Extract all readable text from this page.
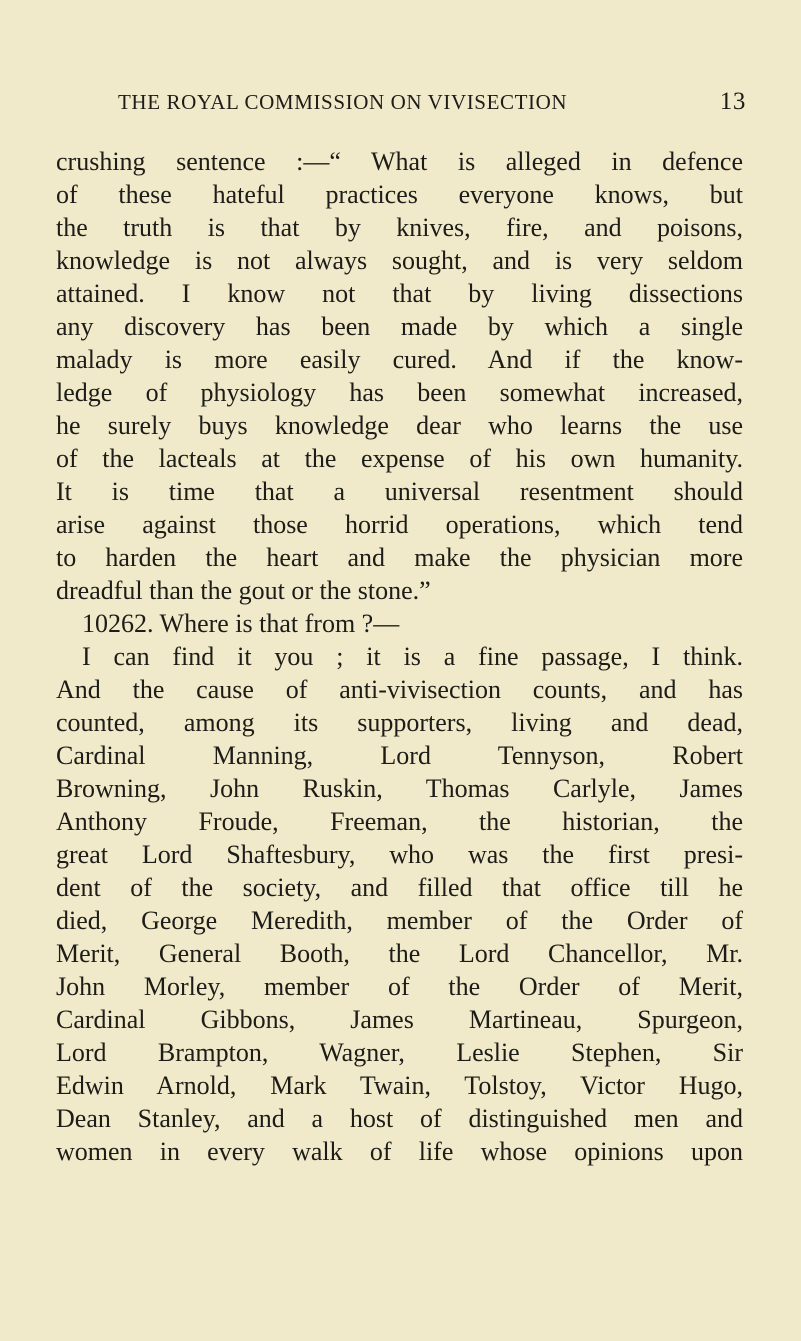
THE ROYAL COMMISSION ON VIVISECTION	13
crushing sentence :—“ What is alleged in defence
of these hateful practices everyone knows, but
the truth is that by knives, fire, and poisons,
knowledge is not always sought, and is very seldom
attained. I know not that by living dissections
any discovery has been made by which a single
malady is more easily cured. And if the know-
ledge of physiology has been somewhat increased,
he surely buys knowledge dear who learns the use
of the lacteals at the expense of his own humanity.
It is time that a universal resentment should
arise against those horrid operations, which tend
to harden the heart and make the physician more
dreadful than the gout or the stone.”
10262. Where is that from ?—
I can find it you ; it is a fine passage, I think.
And the cause of anti-vivisection counts, and has
counted, among its supporters, living and dead,
Cardinal Manning, Lord Tennyson, Robert
Browning, John Ruskin, Thomas Carlyle, James
Anthony Froude, Freeman, the historian, the
great Lord Shaftesbury, who was the first presi-
dent of the society, and filled that office till he
died, George Meredith, member of the Order of
Merit, General Booth, the Lord Chancellor, Mr.
John Morley, member of the Order of Merit,
Cardinal Gibbons, James Martineau, Spurgeon,
Lord Brampton, Wagner, Leslie Stephen, Sir
Edwin Arnold, Mark Twain, Tolstoy, Victor Hugo,
Dean Stanley, and a host of distinguished men and
women in every walk of life whose opinions upon
